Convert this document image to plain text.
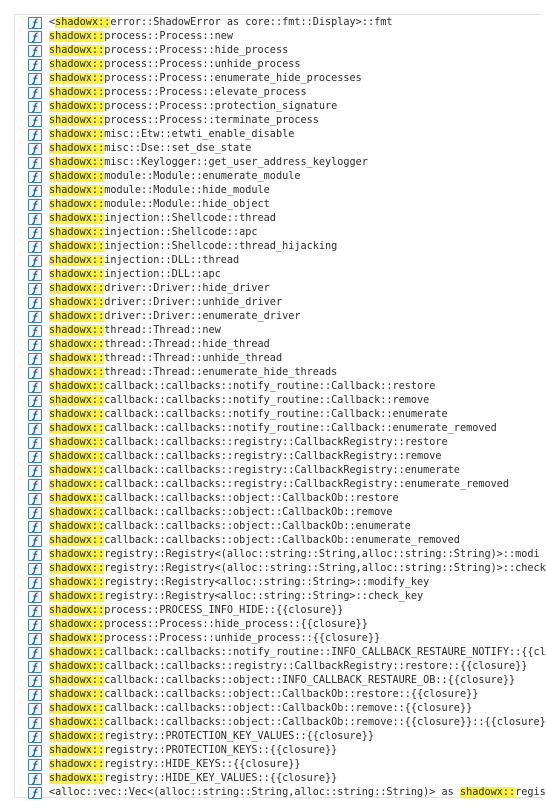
<shadowx::error::ShadowError as core::fmt::Display>::fmt
shadowx::process::Process::new
shadowx::process::Process::hide_process
shadowx::process::Process::unhide_process
shadowx::process::Process::enumerate_hide_processes
shadowx::process::Process::elevate_process
shadowx::process::Process::protection_signature
shadowx::process::Process::terminate_process
shadowx::misc::Etw::etwti_enable_disable
shadowx::misc::Dse::set_dse_state
shadowx::misc::Keylogger::get_user_address_keylogger
shadowx::module::Module::enumerate_module
shadowx::module::Module::hide_module
shadowx::module::Module::hide_object
shadowx::injection::Shellcode::thread
shadowx::injection::Shellcode::apc
shadowx::injection::Shellcode::thread_hijacking
shadowx::injection::DLL::thread
shadowx::injection::DLL::apc
shadowx::driver::Driver::hide_driver
shadowx::driver::Driver::unhide_driver
shadowx::driver::Driver::enumerate_driver
shadowx::thread::Thread::new
shadowx::thread::Thread::hide_thread
shadowx::thread::Thread::unhide_thread
shadowx::thread::Thread::enumerate_hide_threads
shadowx::callback::callbacks::notify_routine::Callback::restore
shadowx::callback::callbacks::notify_routine::Callback::remove
shadowx::callback::callbacks::notify_routine::Callback::enumerate
shadowx::callback::callbacks::notify_routine::Callback::enumerate_removed
shadowx::callback::callbacks::registry::CallbackRegistry::restore
shadowx::callback::callbacks::registry::CallbackRegistry::remove
shadowx::callback::callbacks::registry::CallbackRegistry::enumerate
shadowx::callback::callbacks::registry::CallbackRegistry::enumerate_removed
shadowx::callback::callbacks::object::CallbackOb::restore
shadowx::callback::callbacks::object::CallbackOb::remove
shadowx::callback::callbacks::object::CallbackOb::enumerate
shadowx::callback::callbacks::object::CallbackOb::enumerate_removed
shadowx::registry::Registry<(alloc::string::String,alloc::string::String)>::modi
shadowx::registry::Registry<(alloc::string::String,alloc::string::String)>::check
shadowx::registry::Registry<alloc::string::String>::modify_key
shadowx::registry::Registry<alloc::string::String>::check_key
shadowx::process::PROCESS_INFO_HIDE::{{closure}}
shadowx::process::Process::hide_process::{{closure}}
shadowx::process::Process::unhide_process::{{closure}}
shadowx::callback::callbacks::notify_routine::INFO_CALLBACK_RESTAURE_NOTIFY::{{cl
shadowx::callback::callbacks::registry::CallbackRegistry::restore::{{closure}}
shadowx::callback::callbacks::object::INFO_CALLBACK_RESTAURE_OB::{{closure}}
shadowx::callback::callbacks::object::CallbackOb::restore::{{closure}}
shadowx::callback::callbacks::object::CallbackOb::remove::{{closure}}
shadowx::callback::callbacks::object::CallbackOb::remove::{{closure}}::{{closure}
shadowx::registry::PROTECTION_KEY_VALUES::{{closure}}
shadowx::registry::PROTECTION_KEYS::{{closure}}
shadowx::registry::HIDE_KEYS::{{closure}}
shadowx::registry::HIDE_KEY_VALUES::{{closure}}
<alloc::vec::Vec<(alloc::string::String,alloc::string::String)> as shadowx::regis
